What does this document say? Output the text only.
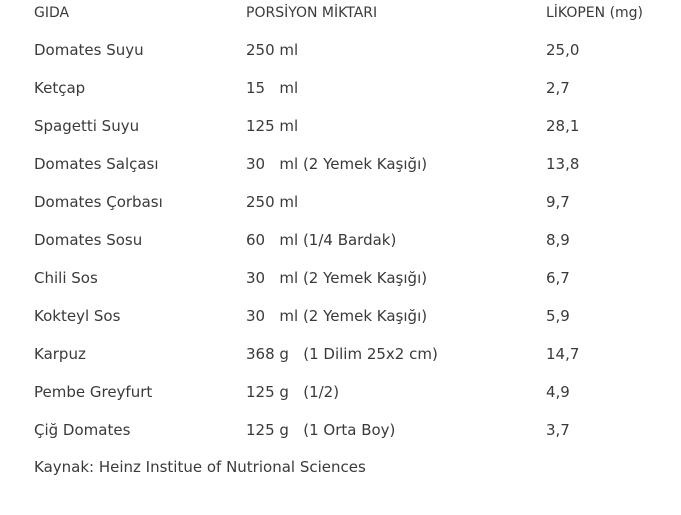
GIDA	PORSİYON MİKTARI	LİKOPEN (mg)
Domates Suyu	250 ml	25,0
Ketçap	15   ml	2,7
Spagetti Suyu	125 ml	28,1
Domates Salçası	30   ml (2 Yemek Kaşığı)	13,8
Domates Çorbası	250 ml	9,7
Domates Sosu	60   ml (1/4 Bardak)	8,9
Chili Sos	30   ml (2 Yemek Kaşığı)	6,7
Kokteyl Sos	30   ml (2 Yemek Kaşığı)	5,9
Karpuz	368 g   (1 Dilim 25x2 cm)	14,7
Pembe Greyfurt	125 g   (1/2)	4,9
Çiğ Domates	125 g   (1 Orta Boy)	3,7
Kaynak: Heinz Institue of Nutrional Sciences
